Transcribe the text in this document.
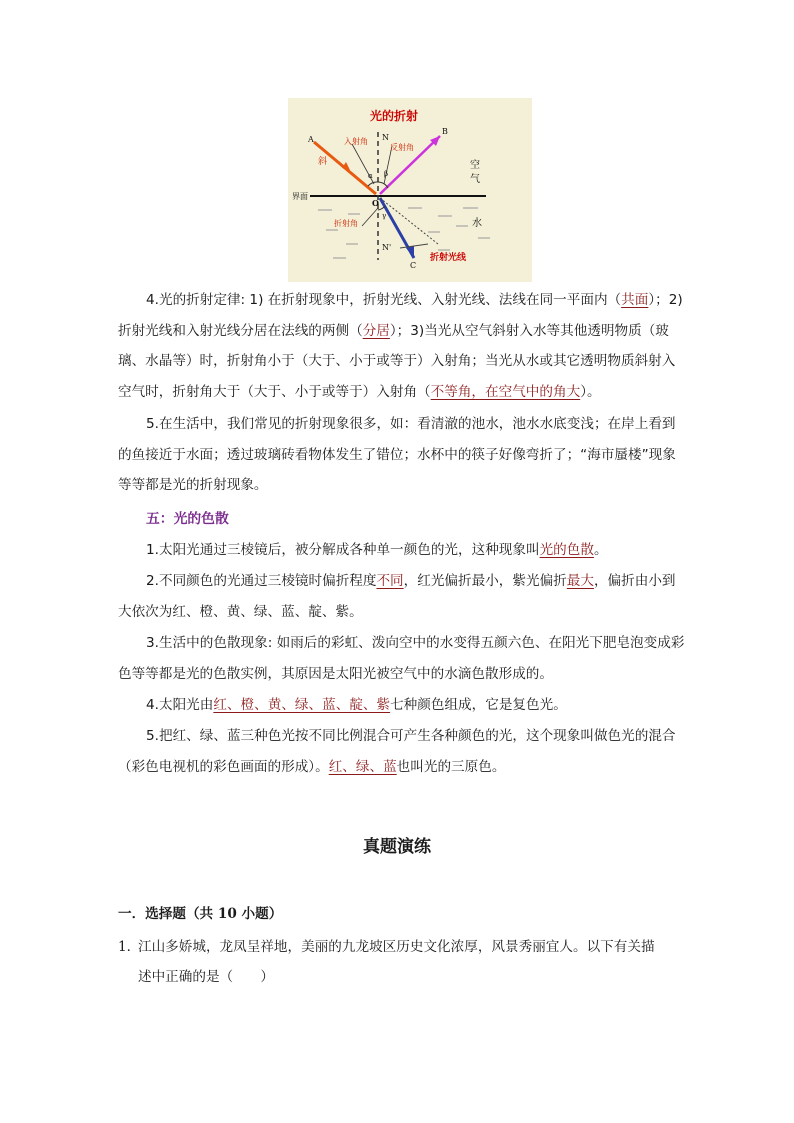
光的折射
A
B
C
N
N'
O
入射角
反射角
折射角
斜
α β
γ
空
气
水
界面
折射光线

4.光的折射定律: 1) 在折射现象中，折射光线、入射光线、法线在同一平面内（共面）；2) 折射光线和入射光线分居在法线的两侧（分居）；3)当光从空气斜射入水等其他透明物质（玻璃、水晶等）时，折射角小于（大于、小于或等于）入射角；当光从水或其它透明物质斜射入空气时，折射角大于（大于、小于或等于）入射角（不等角，在空气中的角大）。

5.在生活中，我们常见的折射现象很多，如：看清澈的池水，池水水底变浅；在岸上看到的鱼接近于水面；透过玻璃砖看物体发生了错位；水杯中的筷子好像弯折了；“海市蜃楼”现象等等都是光的折射现象。

五：光的色散

1.太阳光通过三棱镜后，被分解成各种单一颜色的光，这种现象叫光的色散。

2.不同颜色的光通过三棱镜时偏折程度不同，红光偏折最小，紫光偏折最大，偏折由小到大依次为红、橙、黄、绿、蓝、靛、紫。

3.生活中的色散现象: 如雨后的彩虹、泼向空中的水变得五颜六色、在阳光下肥皂泡变成彩色等等都是光的色散实例，其原因是太阳光被空气中的水滴色散形成的。

4.太阳光由红、橙、黄、绿、蓝、靛、紫七种颜色组成，它是复色光。

5.把红、绿、蓝三种色光按不同比例混合可产生各种颜色的光，这个现象叫做色光的混合（彩色电视机的彩色画面的形成）。红、绿、蓝也叫光的三原色。

真题演练

一．选择题（共 10 小题）

1．江山多娇城，龙凤呈祥地，美丽的九龙坡区历史文化浓厚，风景秀丽宜人。以下有关描
述中正确的是（　　）
